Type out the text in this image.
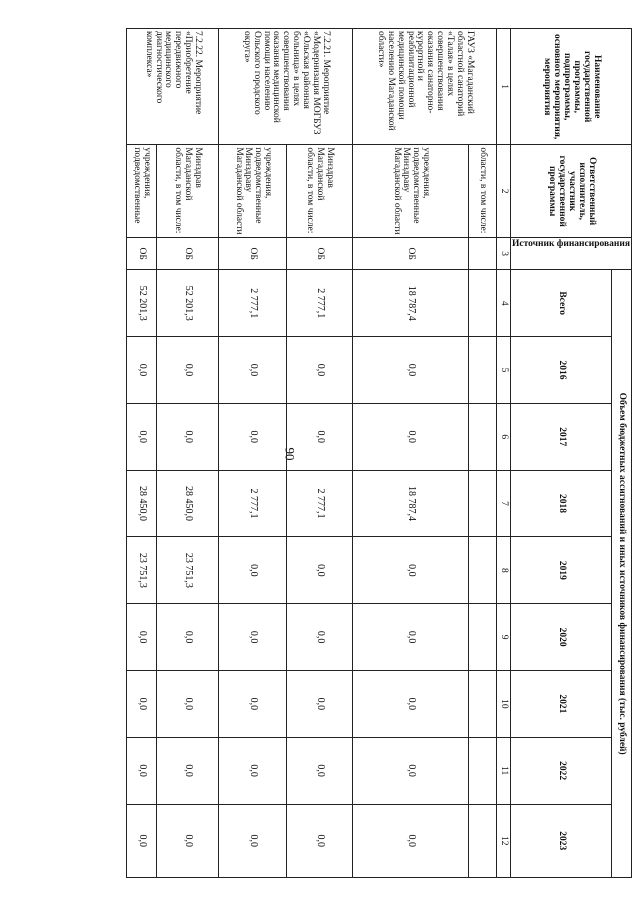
90
Наименование государственной программы, подпрограммы, основного мероприятия, мероприятия	Ответственный исполнитель, участник государственной программы	Источник финансирования	Объем бюджетных ассигнований и иных источников финансирования (тыс. рублей)								
			Всего	2016	2017	2018	2019	2020	2021	2022	2023
1	2	3	4	5	6	7	8	9	10	11	12
ГАУЗ «Магаданский областной санаторий «Талая» в целях совершенствования оказания санаторно-курортной и реабилитационной медицинской помощи населению Магаданской области»	области, в том числе:										
	учреждения, подведомственные Минздраву Магаданской области	ОБ	18 787,4	0,0	0,0	18 787,4	0,0	0,0	0,0	0,0	0,0
7.2.21. Мероприятие «Модернизация МОГБУЗ «Ольская районная больница» в целях совершенствования оказания медицинской помощи населению Ольского городского округа»	Минздрав Магаданской области, в том числе:	ОБ	2 777,1	0,0	0,0	2 777,1	0,0	0,0	0,0	0,0	0,0
	учреждения, подведомственные Минздраву Магаданской области	ОБ	2 777,1	0,0	0,0	2 777,1	0,0	0,0	0,0	0,0	0,0
7.2.22. Мероприятие «Приобретение передвижного медицинского диагностического комплекса»	Минздрав Магаданской области, в том числе:	ОБ	52 201,3	0,0	0,0	28 450,0	23 751,3	0,0	0,0	0,0	0,0
	учреждения, подведомственные	ОБ	52 201,3	0,0	0,0	28 450,0	23 751,3	0,0	0,0	0,0	0,0
